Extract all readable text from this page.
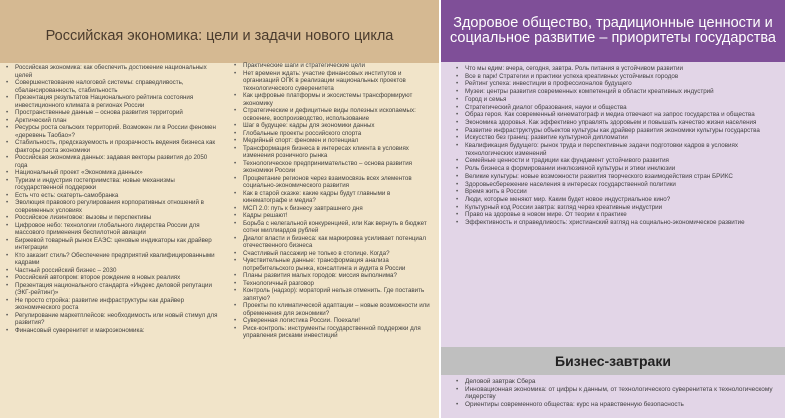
Российская экономика: цели и задачи нового цикла
• Российская экономика: как обеспечить достижение национальных целей
• Совершенствование налоговой системы: справедливость, сбалансированность, стабильность
• Презентация результатов Национального рейтинга состояния инвестиционного климата в регионах России
• Пространственные данные – основа развития территорий
• Арктический план
• Ресурсы роста сельских территорий. Возможен ли в России феномен «деревень Таобао»?
• Стабильность, предсказуемость и прозрачность ведения бизнеса как факторы роста экономики
• Российская экономика данных: задавая векторы развития до 2050 года
• Национальный проект «Экономика данных»
• Туризм и индустрия гостеприимства: новые механизмы государственной поддержки
• Есть что есть: скатерть-самобранка
• Эволюция правового регулирования корпоративных отношений в современных условиях
• Российское лизинговое: вызовы и перспективы
• Цифровое небо: технологии глобального лидерства России для массового применения беспилотной авиации
• Биржевой товарный рынок ЕАЭС: ценовые индикаторы как драйвер интеграции
• Кто заказит стиль? Обеспечение предприятий квалифицированными кадрами
• Частный российский бизнес – 2030
• Российский автопром: второе рождение в новых реалиях
• Презентация национального стандарта «Индекс деловой репутации (ЭКГ-рейтинг)»
• Не просто стройка: развитие инфраструктуры как драйвер экономического роста
• Регулирование маркетплейсов: необходимость или новый стимул для развития?
• Финансовый суверенитет и макроэкономика:
• Практические шаги и стратегические цели
• Нет времени ждать: участие финансовых институтов и организаций ОПК в реализации национальных проектов технологического суверенитета
• Как цифровые платформы и экосистемы трансформируют экономику
• Стратегические и дефицитные виды полезных ископаемых: освоение, воспроизводство, использование
• Шаг в будущее: кадры для экономики данных
• Глобальные проекты российского спорта
• Медийный спорт: феномен и потенциал
• Трансформация бизнеса в интересах клиента в условиях изменения розничного рынка
• Технологическое предпринимательство – основа развития экономики России
• Процветание регионов через взаимосвязь всех элементов социально-экономического развития
• Как в старой сказке: какие кадры будут главными в кинематографе и медиа?
• МСП 2.0: путь к бизнесу завтрашнего дня
• Кадры решают!
• Борьба с нелегальной конкуренцией, или Как вернуть в бюджет сотни миллиардов рублей
• Диалог власти и бизнеса: как маркировка усиливает потенциал отечественного бизнеса
• Счастливый пассажир не только в столице. Когда?
• Чувствительные данные: трансформация анализа потребительского рынка, консалтинга и аудита в России
• Планы развития малых городов: миссия выполнима?
• Технологичный разговор
• Контроль (надзор): мораторий нельзя отменить. Где поставить запятую?
• Проекты по климатической адаптации – новые возможности или обременения для экономики?
• Суверенная логистика России. Поехали!
• Риск-контроль: инструменты государственной поддержки для управления рисками инвестиций
Здоровое общество, традиционные ценности и социальное развитие – приоритеты государства
• Что мы едим: вчера, сегодня, завтра. Роль питания в устойчивом развитии
• Все в парк! Стратегии и практики успеха креативных устойчивых городов
• Рейтинг успеха: инвестиции в профессионалов будущего
• Музеи: центры развития современных компетенций в области креативных индустрий
• Город и семья
• Стратегический диалог образования, науки и общества
• Образ героя. Как современный кинематограф и медиа отвечают на запрос государства и общества
• Экономика здоровья. Как эффективно управлять здоровьем и повышать качество жизни населения
• Развитие инфраструктуры объектов культуры как драйвер развития экономики культуры государства
• Искусство без границ: развитие культурной дипломатии
• Квалификация будущего: рынок труда и перспективные задачи подготовки кадров в условиях технологических изменений
• Семейные ценности и традиции как фундамент устойчивого развития
• Роль бизнеса в формировании инклюзивной культуры и этики инклюзии
• Великие культуры: новые возможности развития творческого взаимодействия стран БРИКС
• Здоровьесбережение населения в интересах государственной политики
• Время жить в России
• Люди, которые меняют мир. Каким будет новое индустриальное кино?
• Культурный код России завтра: взгляд через креативные индустрии
• Право на здоровье в новом мире. От теории к практике
• Эффективность и справедливость: христианский взгляд на социально-экономическое развитие
Бизнес-завтраки
• Деловой завтрак Сбера
• Инновационная экономика: от цифры к данным, от технологического суверенитета к технологическому лидерству
• Ориентиры современного общества: курс на нравственную безопасность
